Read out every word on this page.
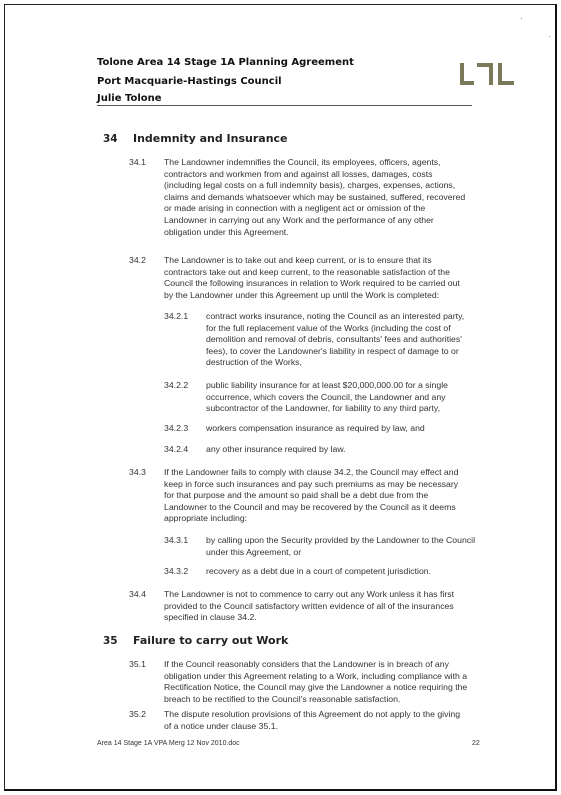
Tolone Area 14 Stage 1A Planning Agreement
Port Macquarie-Hastings Council
Julie Tolone
34 Indemnity and Insurance
34.1 The Landowner indemnifies the Council, its employees, officers, agents, contractors and workmen from and against all losses, damages, costs (including legal costs on a full indemnity basis), charges, expenses, actions, claims and demands whatsoever which may be sustained, suffered, recovered or made arising in connection with a negligent act or omission of the Landowner in carrying out any Work and the performance of any other obligation under this Agreement.
34.2 The Landowner is to take out and keep current, or is to ensure that its contractors take out and keep current, to the reasonable satisfaction of the Council the following insurances in relation to Work required to be carried out by the Landowner under this Agreement up until the Work is completed:
34.2.1 contract works insurance, noting the Council as an interested party, for the full replacement value of the Works (including the cost of demolition and removal of debris, consultants' fees and authorities' fees), to cover the Landowner's liability in respect of damage to or destruction of the Works,
34.2.2 public liability insurance for at least $20,000,000.00 for a single occurrence, which covers the Council, the Landowner and any subcontractor of the Landowner, for liability to any third party,
34.2.3 workers compensation insurance as required by law, and
34.2.4 any other insurance required by law.
34.3 If the Landowner fails to comply with clause 34.2, the Council may effect and keep in force such insurances and pay such premiums as may be necessary for that purpose and the amount so paid shall be a debt due from the Landowner to the Council and may be recovered by the Council as it deems appropriate including:
34.3.1 by calling upon the Security provided by the Landowner to the Council under this Agreement, or
34.3.2 recovery as a debt due in a court of competent jurisdiction.
34.4 The Landowner is not to commence to carry out any Work unless it has first provided to the Council satisfactory written evidence of all of the insurances specified in clause 34.2.
35 Failure to carry out Work
35.1 If the Council reasonably considers that the Landowner is in breach of any obligation under this Agreement relating to a Work, including compliance with a Rectification Notice, the Council may give the Landowner a notice requiring the breach to be rectified to the Council's reasonable satisfaction.
35.2 The dispute resolution provisions of this Agreement do not apply to the giving of a notice under clause 35.1.
Area 14 Stage 1A VPA Merg 12 Nov 2010.doc	22
